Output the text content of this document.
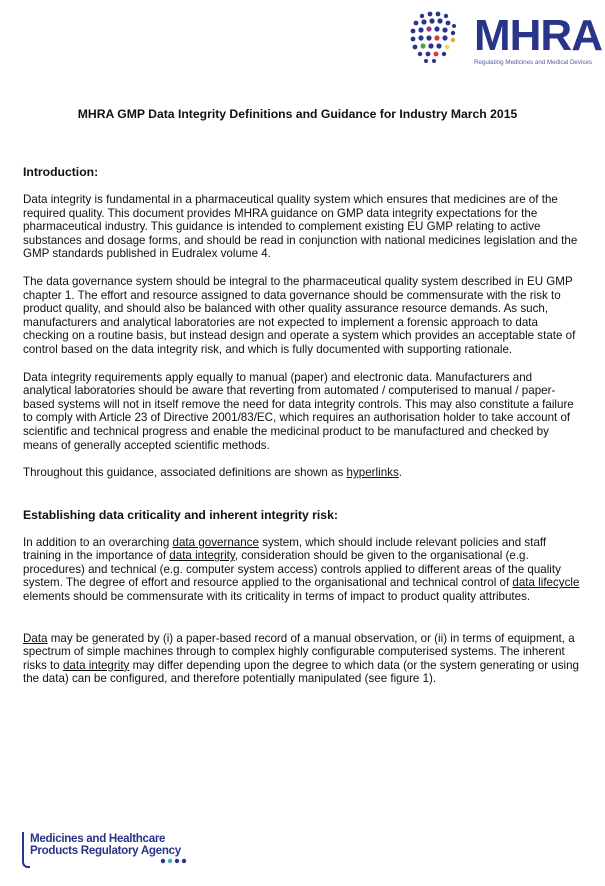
MHRA
Regulating Medicines and Medical Devices
MHRA GMP Data Integrity Definitions and Guidance for Industry March 2015
Introduction:

Data integrity is fundamental in a pharmaceutical quality system which ensures that medicines are of the required quality. This document provides MHRA guidance on GMP data integrity expectations for the pharmaceutical industry. This guidance is intended to complement existing EU GMP relating to active substances and dosage forms, and should be read in conjunction with national medicines legislation and the GMP standards published in Eudralex volume 4.

The data governance system should be integral to the pharmaceutical quality system described in EU GMP chapter 1. The effort and resource assigned to data governance should be commensurate with the risk to product quality, and should also be balanced with other quality assurance resource demands. As such, manufacturers and analytical laboratories are not expected to implement a forensic approach to data checking on a routine basis, but instead design and operate a system which provides an acceptable state of control based on the data integrity risk, and which is fully documented with supporting rationale.

Data integrity requirements apply equally to manual (paper) and electronic data. Manufacturers and analytical laboratories should be aware that reverting from automated / computerised to manual / paper-based systems will not in itself remove the need for data integrity controls. This may also constitute a failure to comply with Article 23 of Directive 2001/83/EC, which requires an authorisation holder to take account of scientific and technical progress and enable the medicinal product to be manufactured and checked by means of generally accepted scientific methods.

Throughout this guidance, associated definitions are shown as hyperlinks.

Establishing data criticality and inherent integrity risk:

In addition to an overarching data governance system, which should include relevant policies and staff training in the importance of data integrity, consideration should be given to the organisational (e.g. procedures) and technical (e.g. computer system access) controls applied to different areas of the quality system. The degree of effort and resource applied to the organisational and technical control of data lifecycle elements should be commensurate with its criticality in terms of impact to product quality attributes.

Data may be generated by (i) a paper-based record of a manual observation, or (ii) in terms of equipment, a spectrum of simple machines through to complex highly configurable computerised systems. The inherent risks to data integrity may differ depending upon the degree to which data (or the system generating or using the data) can be configured, and therefore potentially manipulated (see figure 1).

Medicines and Healthcare
Products Regulatory Agency
